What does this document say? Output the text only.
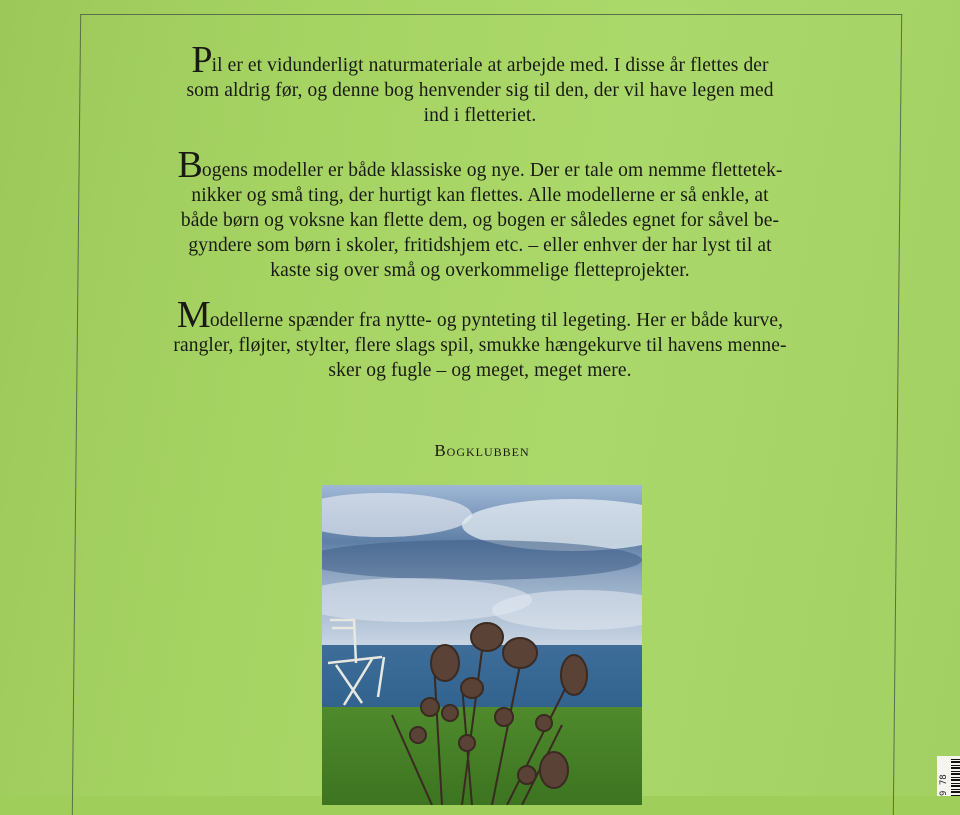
Pil er et vidunderligt naturmateriale at arbejde med. I disse år flettes der
som aldrig før, og denne bog henvender sig til den, der vil have legen med
ind i fletteriet.
Bogens modeller er både klassiske og nye. Der er tale om nemme flettetek-
nikker og små ting, der hurtigt kan flettes. Alle modellerne er så enkle, at
både børn og voksne kan flette dem, og bogen er således egnet for såvel be-
gyndere som børn i skoler, fritidshjem etc. – eller enhver der har lyst til at
kaste sig over små og overkommelige fletteprojekter.
Modellerne spænder fra nytte- og pynteting til legeting. Her er både kurve,
rangler, fløjter, stylter, flere slags spil, smukke hængekurve til havens menne-
sker og fugle – og meget, meget mere.
Bogklubben
9 78
